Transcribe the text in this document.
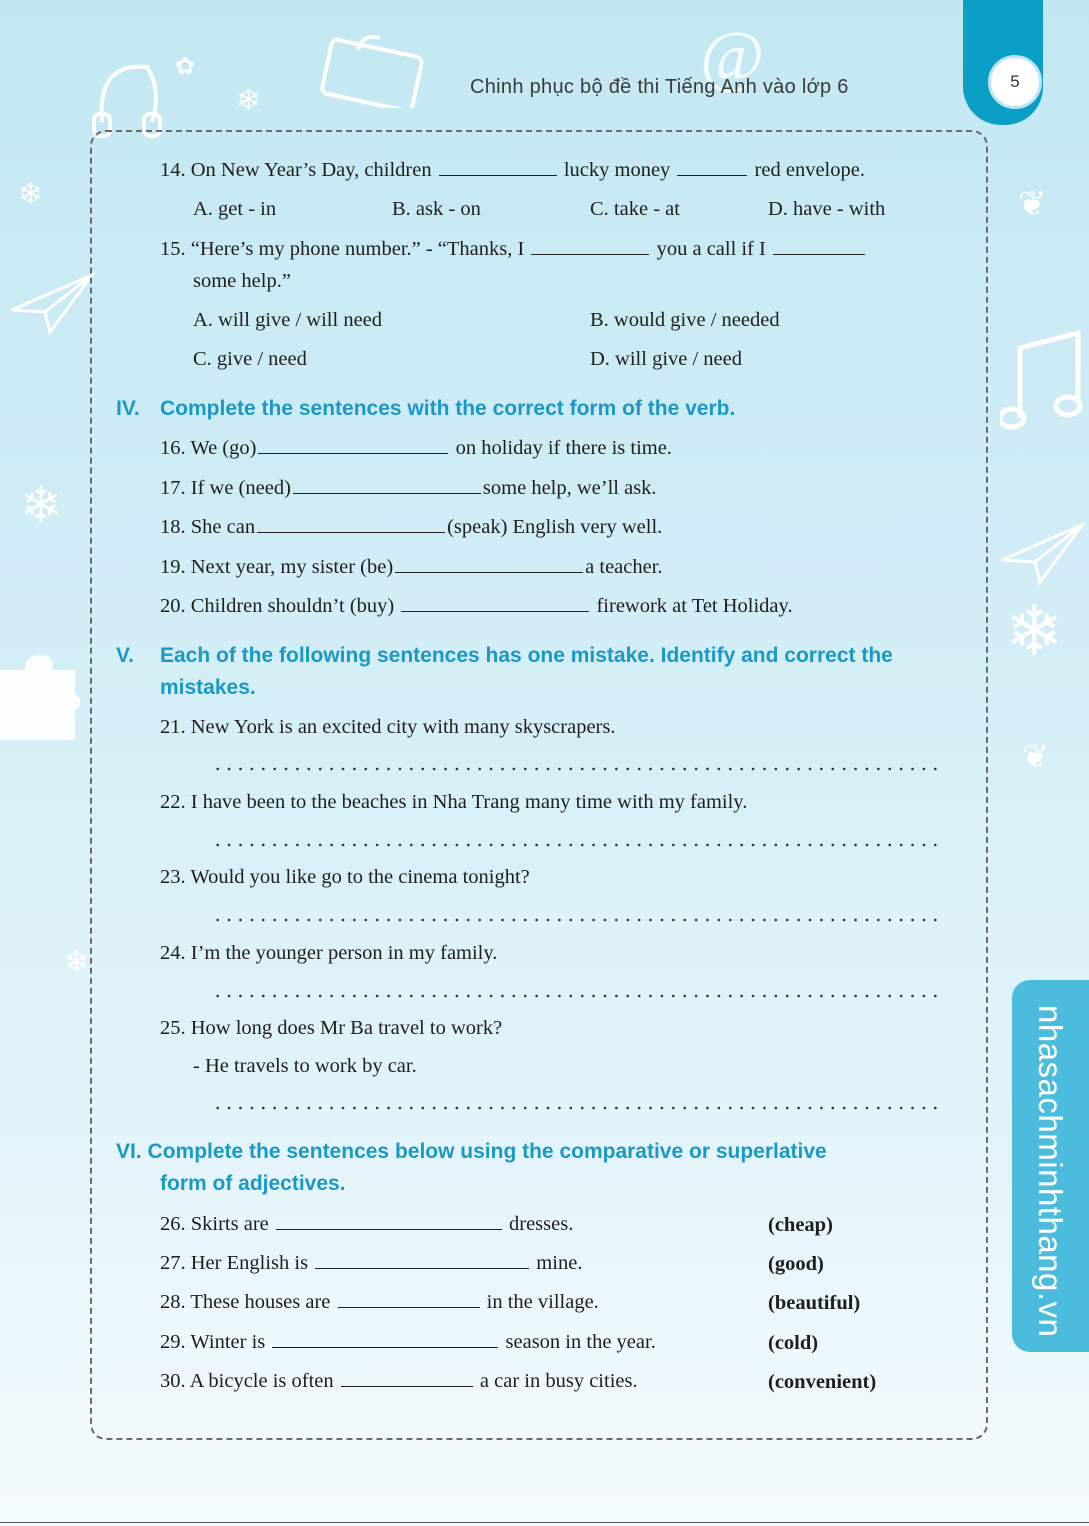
@
❄
❄
❄
❄
❄
❦
❦
✿
5
Chinh phục bộ đề thi Tiếng Anh vào lớp 6
nhasachminhthang.vn
14. On New Year’s Day, children	lucky money	red envelope.
A. get - in	B. ask - on	C. take - at	D. have - with
15. “Here’s my phone number.” - “Thanks, I	you a call if I
some help.”
A. will give / will need	B. would give / needed
C. give / need	D. will give / need
IV. Complete the sentences with the correct form of the verb.
16. We (go)	on holiday if there is time.
17. If we (need)	some help, we’ll ask.
18. She can	(speak) English very well.
19. Next year, my sister (be)	a teacher.
20. Children shouldn’t (buy)	firework at Tet Holiday.
V. Each of the following sentences has one mistake. Identify and correct the mistakes.
21. New York is an excited city with many skyscrapers.
22. I have been to the beaches in Nha Trang many time with my family.
23. Would you like go to the cinema tonight?
24. I’m the younger person in my family.
25. How long does Mr Ba travel to work?
- He travels to work by car.
VI. Complete the sentences below using the comparative or superlative
form of adjectives.
26. Skirts are	dresses.	(cheap)
27. Her English is	mine.	(good)
28. These houses are	in the village.	(beautiful)
29. Winter is	season in the year.	(cold)
30. A bicycle is often	a car in busy cities.	(convenient)
